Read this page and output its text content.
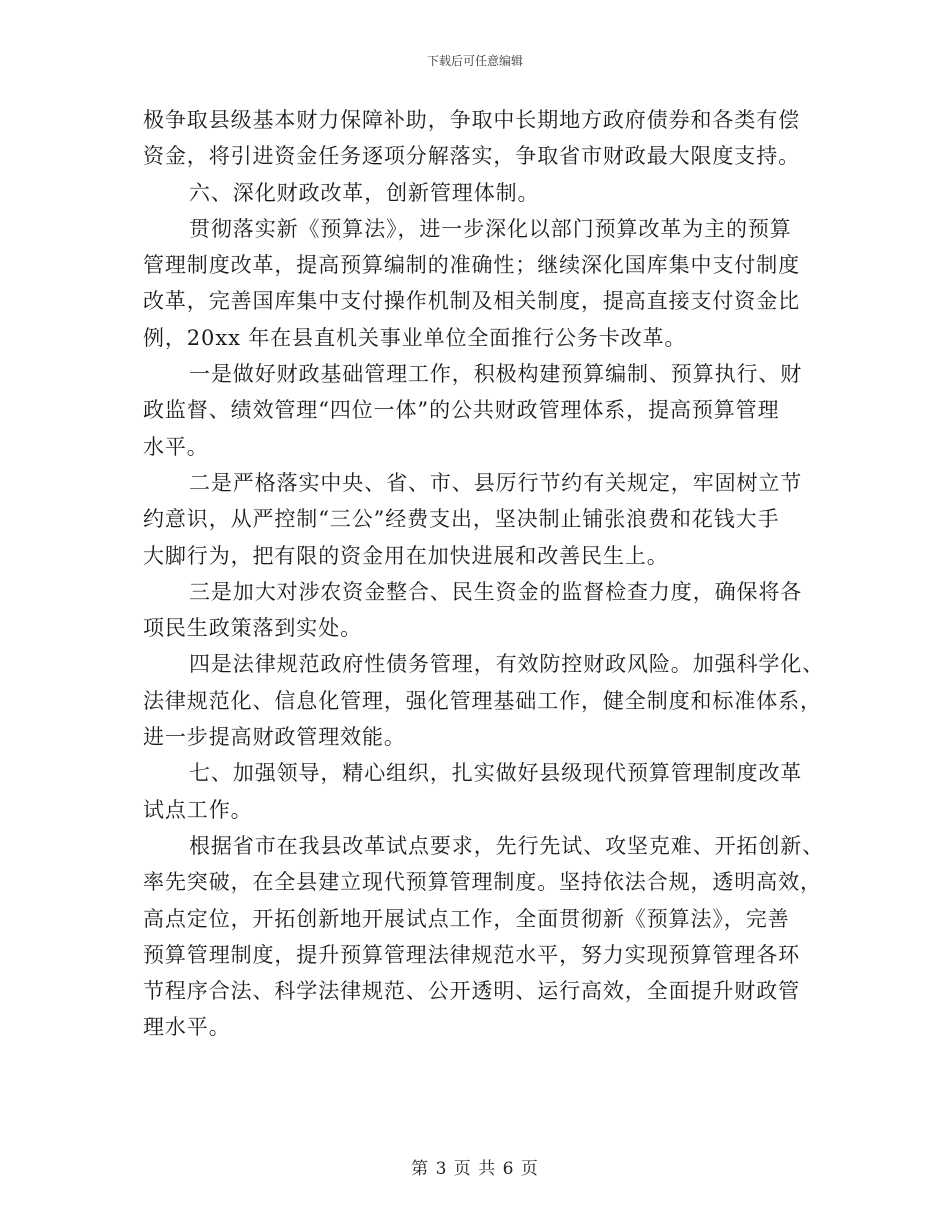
下载后可任意编辑
极争取县级基本财力保障补助，争取中长期地方政府债券和各类有偿
资金，将引进资金任务逐项分解落实，争取省市财政最大限度支持。
六、深化财政改革，创新管理体制。
贯彻落实新《预算法》，进一步深化以部门预算改革为主的预算
管理制度改革，提高预算编制的准确性；继续深化国库集中支付制度
改革，完善国库集中支付操作机制及相关制度，提高直接支付资金比
例，20xx 年在县直机关事业单位全面推行公务卡改革。
一是做好财政基础管理工作，积极构建预算编制、预算执行、财
政监督、绩效管理“四位一体”的公共财政管理体系，提高预算管理
水平。
二是严格落实中央、省、市、县厉行节约有关规定，牢固树立节
约意识，从严控制“三公”经费支出，坚决制止铺张浪费和花钱大手
大脚行为，把有限的资金用在加快进展和改善民生上。
三是加大对涉农资金整合、民生资金的监督检查力度，确保将各
项民生政策落到实处。
四是法律规范政府性债务管理，有效防控财政风险。加强科学化、
法律规范化、信息化管理，强化管理基础工作，健全制度和标准体系，
进一步提高财政管理效能。
七、加强领导，精心组织，扎实做好县级现代预算管理制度改革
试点工作。
根据省市在我县改革试点要求，先行先试、攻坚克难、开拓创新、
率先突破，在全县建立现代预算管理制度。坚持依法合规，透明高效，
高点定位，开拓创新地开展试点工作，全面贯彻新《预算法》，完善
预算管理制度，提升预算管理法律规范水平，努力实现预算管理各环
节程序合法、科学法律规范、公开透明、运行高效，全面提升财政管
理水平。
第 3 页 共 6 页
